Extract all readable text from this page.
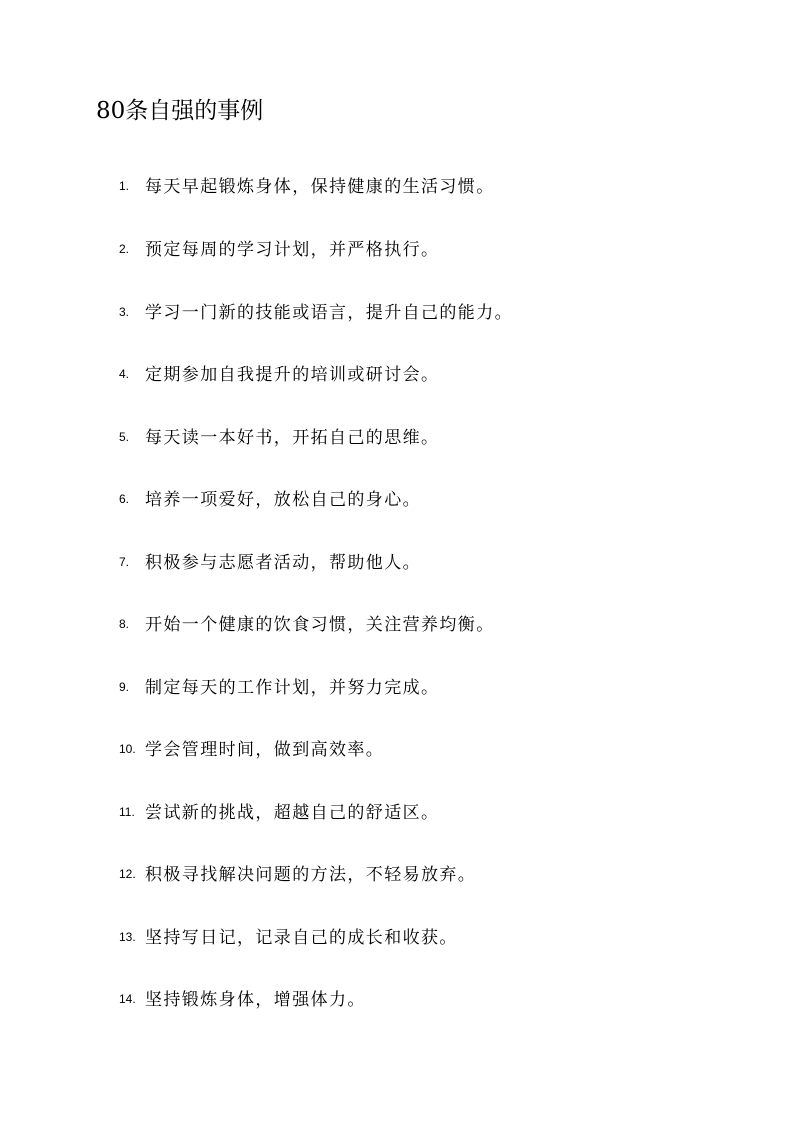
80条自强的事例
1. 每天早起锻炼身体，保持健康的生活习惯。
2. 预定每周的学习计划，并严格执行。
3. 学习一门新的技能或语言，提升自己的能力。
4. 定期参加自我提升的培训或研讨会。
5. 每天读一本好书，开拓自己的思维。
6. 培养一项爱好，放松自己的身心。
7. 积极参与志愿者活动，帮助他人。
8. 开始一个健康的饮食习惯，关注营养均衡。
9. 制定每天的工作计划，并努力完成。
10. 学会管理时间，做到高效率。
11. 尝试新的挑战，超越自己的舒适区。
12. 积极寻找解决问题的方法，不轻易放弃。
13. 坚持写日记，记录自己的成长和收获。
14. 坚持锻炼身体，增强体力。
